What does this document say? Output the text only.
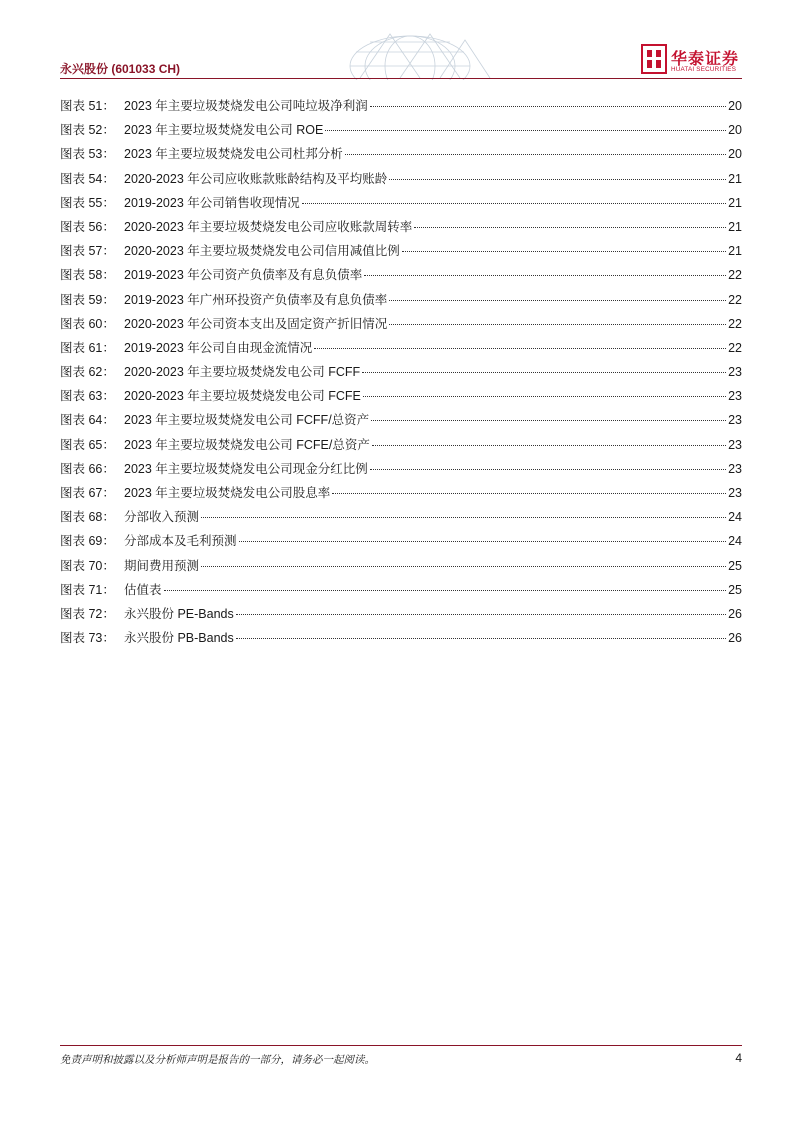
永兴股份 (601033 CH)
华泰证券
HUATAI SECURITIES
图表 51： 2023 年主要垃圾焚烧发电公司吨垃圾净利润	20
图表 52： 2023 年主要垃圾焚烧发电公司 ROE	20
图表 53： 2023 年主要垃圾焚烧发电公司杜邦分析	20
图表 54： 2020-2023 年公司应收账款账龄结构及平均账龄	21
图表 55： 2019-2023 年公司销售收现情况	21
图表 56： 2020-2023 年主要垃圾焚烧发电公司应收账款周转率	21
图表 57： 2020-2023 年主要垃圾焚烧发电公司信用减值比例	21
图表 58： 2019-2023 年公司资产负债率及有息负债率	22
图表 59： 2019-2023 年广州环投资产负债率及有息负债率	22
图表 60： 2020-2023 年公司资本支出及固定资产折旧情况	22
图表 61： 2019-2023 年公司自由现金流情况	22
图表 62： 2020-2023 年主要垃圾焚烧发电公司 FCFF	23
图表 63： 2020-2023 年主要垃圾焚烧发电公司 FCFE	23
图表 64： 2023 年主要垃圾焚烧发电公司 FCFF/总资产	23
图表 65： 2023 年主要垃圾焚烧发电公司 FCFE/总资产	23
图表 66： 2023 年主要垃圾焚烧发电公司现金分红比例	23
图表 67： 2023 年主要垃圾焚烧发电公司股息率	23
图表 68： 分部收入预测	24
图表 69： 分部成本及毛利预测	24
图表 70： 期间费用预测	25
图表 71： 估值表	25
图表 72： 永兴股份 PE-Bands	26
图表 73： 永兴股份 PB-Bands	26
免责声明和披露以及分析师声明是报告的一部分，请务必一起阅读。	4
